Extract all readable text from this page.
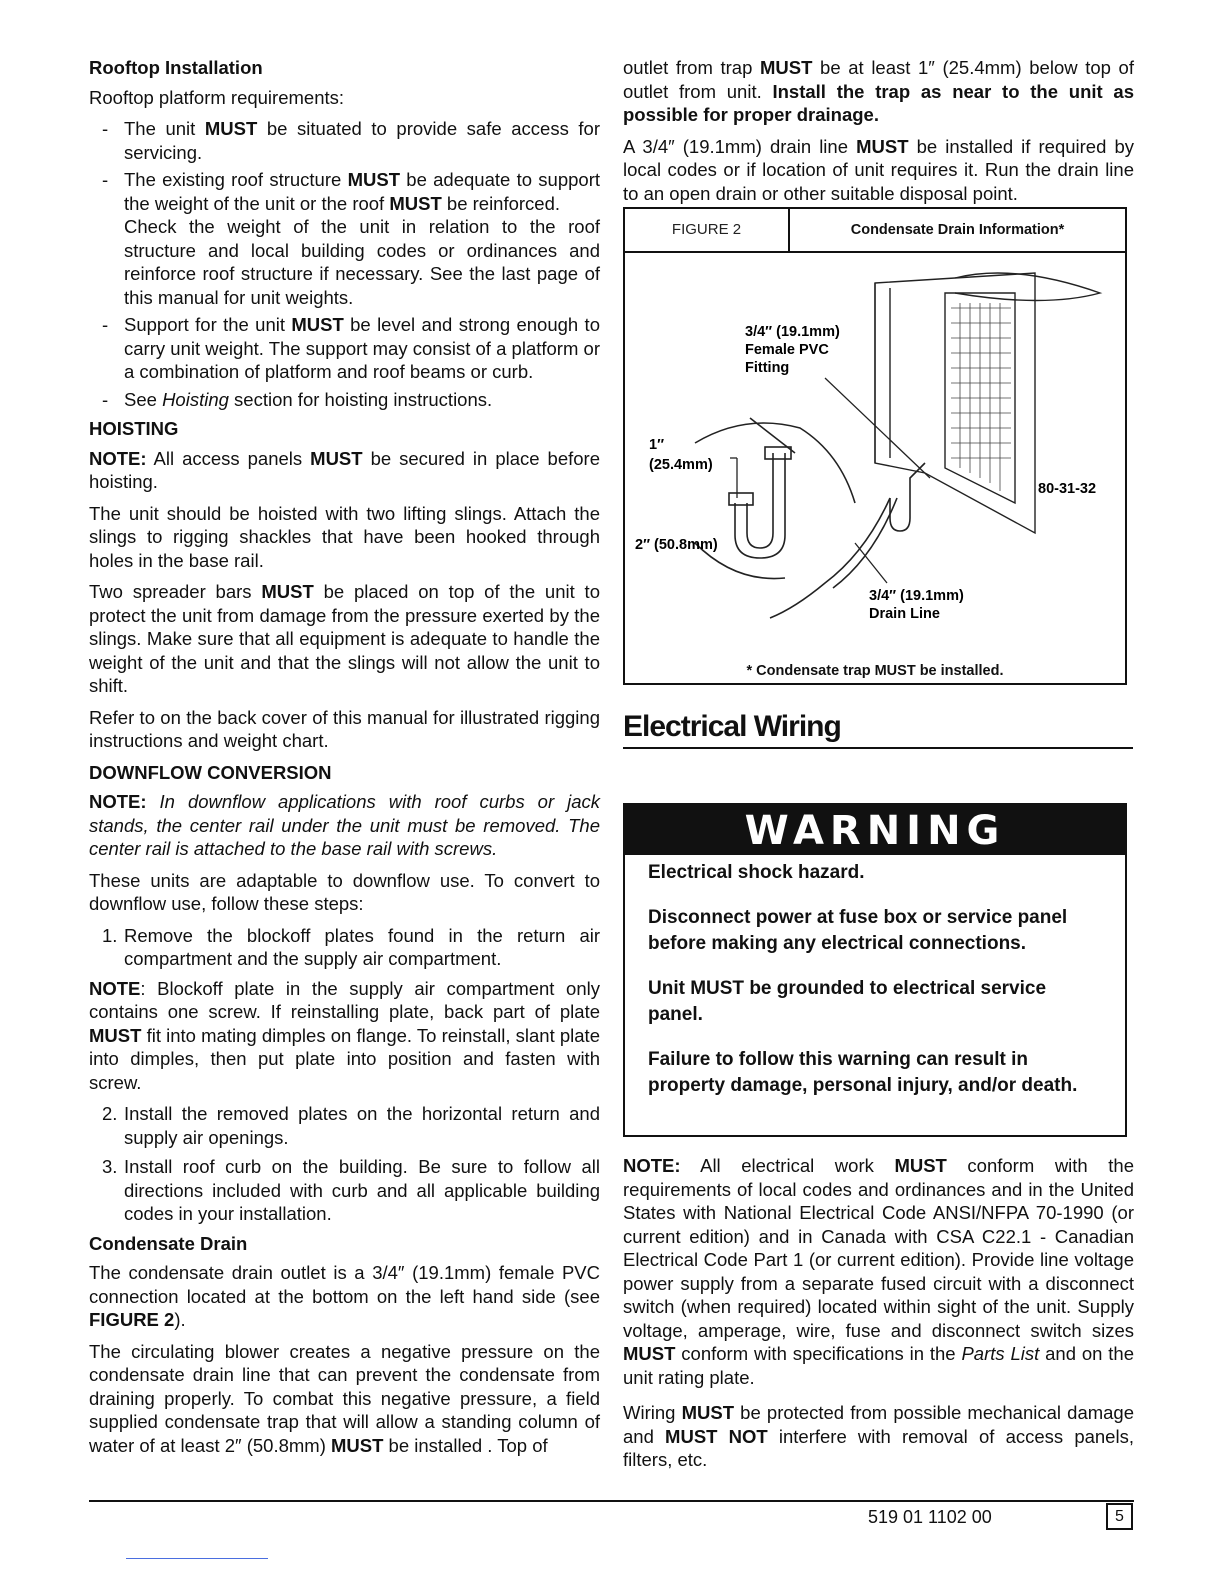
Rooftop Installation

Rooftop platform requirements:

- The unit MUST be situated to provide safe access for servicing.
- The existing roof structure MUST be adequate to support the weight of the unit or the roof MUST be reinforced.
Check the weight of the unit in relation to the roof structure and local building codes or ordinances and reinforce roof structure if necessary. See the last page of this manual for unit weights.
- Support for the unit MUST be level and strong enough to carry unit weight. The support may consist of a platform or a combination of platform and roof beams or curb.
- See Hoisting section for hoisting instructions.
HOISTING

NOTE: All access panels MUST be secured in place before hoisting.

The unit should be hoisted with two lifting slings. Attach the slings to rigging shackles that have been hooked through holes in the base rail.

Two spreader bars MUST be placed on top of the unit to protect the unit from damage from the pressure exerted by the slings. Make sure that all equipment is adequate to handle the weight of the unit and that the slings will not allow the unit to shift.

Refer to on the back cover of this manual for illustrated rigging instructions and weight chart.

DOWNFLOW CONVERSION

NOTE: In downflow applications with roof curbs or jack stands, the center rail under the unit must be removed. The center rail is attached to the base rail with screws.

These units are adaptable to downflow use. To convert to downflow use, follow these steps:

1. Remove the blockoff plates found in the return air compartment and the supply air compartment.

NOTE: Blockoff plate in the supply air compartment only contains one screw. If reinstalling plate, back part of plate MUST fit into mating dimples on flange. To reinstall, slant plate into dimples, then put plate into position and fasten with screw.

2. Install the removed plates on the horizontal return and supply air openings.
3. Install roof curb on the building. Be sure to follow all directions included with curb and all applicable building codes in your installation.
Condensate Drain

The condensate drain outlet is a 3/4″ (19.1mm) female PVC connection located at the bottom on the left hand side (see FIGURE 2).

The circulating blower creates a negative pressure on the condensate drain line that can prevent the condensate from draining properly. To combat this negative pressure, a field supplied condensate trap that will allow a standing column of water of at least 2″ (50.8mm) MUST be installed . Top of

outlet from trap MUST be at least 1″ (25.4mm) below top of outlet from unit. Install the trap as near to the unit as possible for proper drainage.

A 3/4″ (19.1mm) drain line MUST be installed if required by local codes or if location of unit requires it. Run the drain line to an open drain or other suitable disposal point.

FIGURE 2	Condensate Drain Information*
3/4″ (19.1mm)
Female PVC
Fitting
1″
(25.4mm)
2″ (50.8mm)
3/4″ (19.1mm)
Drain Line
80-31-32
* Condensate trap MUST be installed.
Electrical Wiring
WARNING

Electrical shock hazard.

Disconnect power at fuse box or service panel before making any electrical connections.

Unit MUST be grounded to electrical service panel.

Failure to follow this warning can result in property damage, personal injury, and/or death.

NOTE: All electrical work MUST conform with the requirements of local codes and ordinances and in the United States with National Electrical Code ANSI/NFPA 70-1990 (or current edition) and in Canada with CSA C22.1 - Canadian Electrical Code Part 1 (or current edition). Provide line voltage power supply from a separate fused circuit with a disconnect switch (when required) located within sight of the unit. Supply voltage, amperage, wire, fuse and disconnect switch sizes MUST conform with specifications in the Parts List and on the unit rating plate.

Wiring MUST be protected from possible mechanical damage and MUST NOT interfere with removal of access panels, filters, etc.

519 01 1102 00	5
